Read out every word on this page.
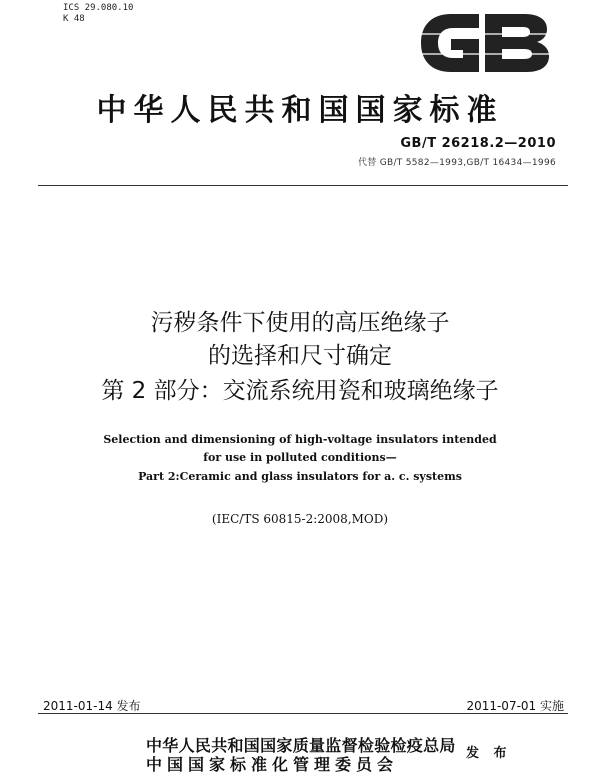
ICS 29.080.10
K 48
中华人民共和国国家标准
GB/T 26218.2—2010
代替 GB/T 5582—1993,GB/T 16434—1996
污秽条件下使用的高压绝缘子
的选择和尺寸确定
第 2 部分：交流系统用瓷和玻璃绝缘子
Selection and dimensioning of high-voltage insulators intended
for use in polluted conditions—
Part 2:Ceramic and glass insulators for a. c. systems
(IEC/TS 60815-2:2008,MOD)
2011-01-14 发布	2011-07-01 实施
中华人民共和国国家质量监督检验检疫总局
中国国家标准化管理委员会
发 布
